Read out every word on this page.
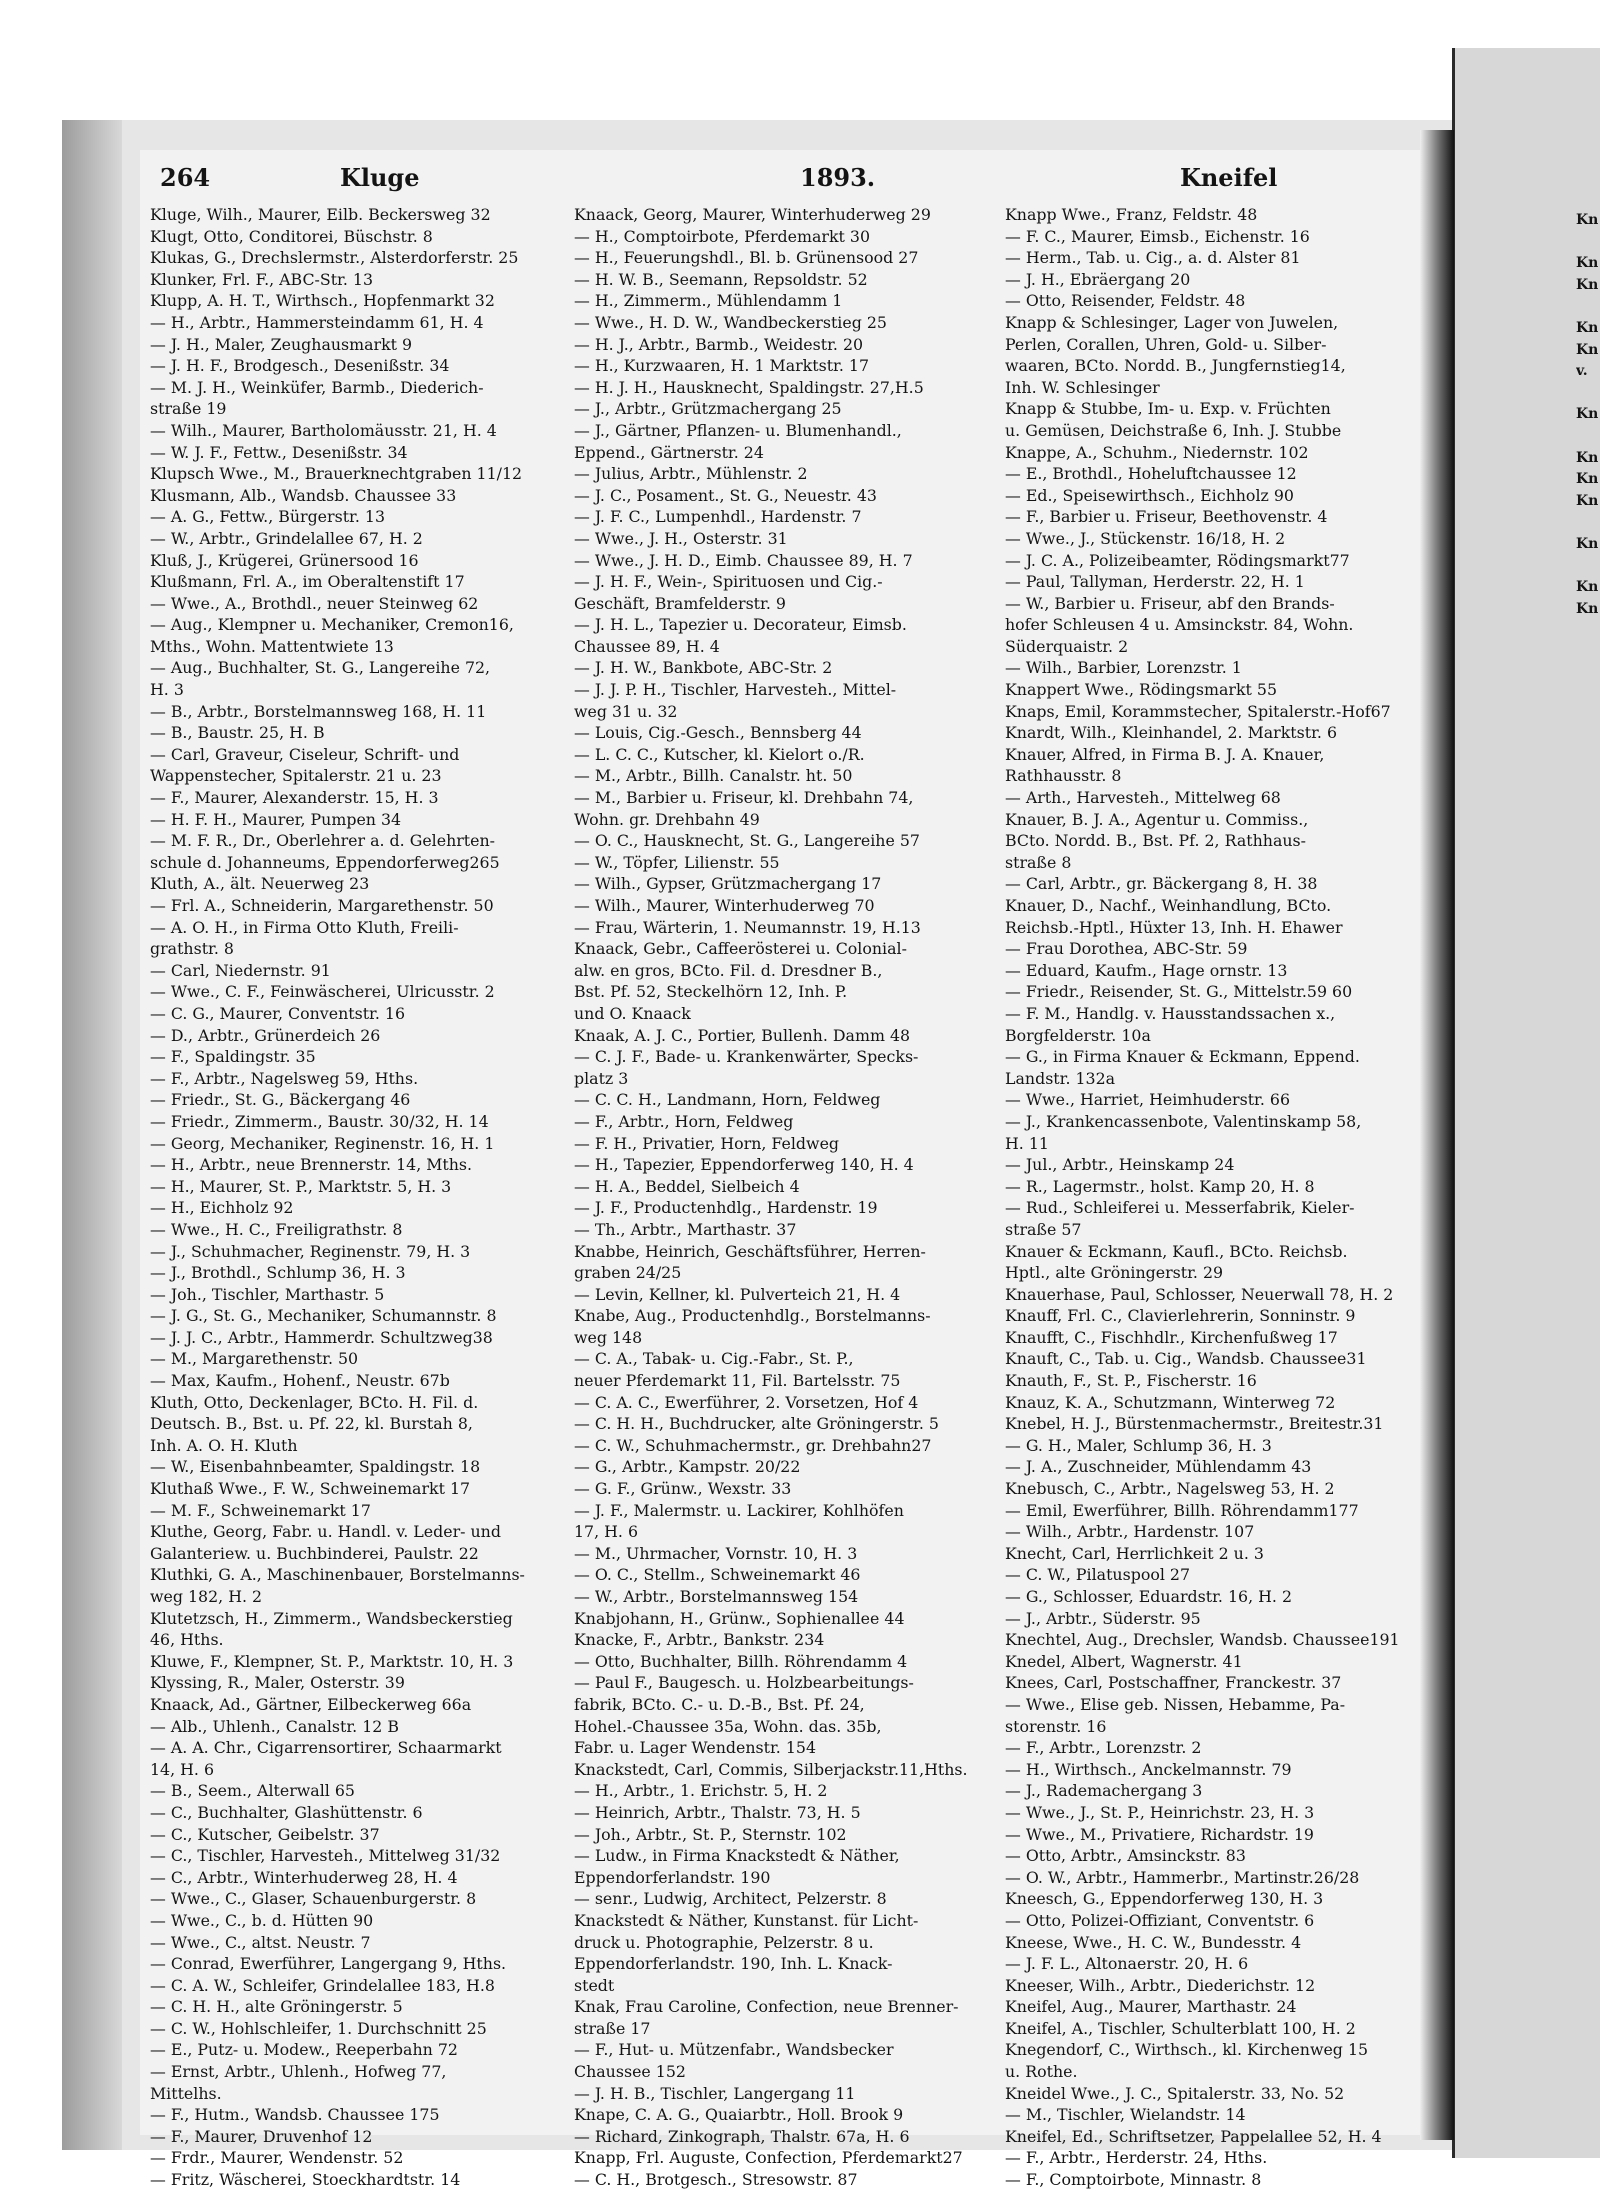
264	Kluge	1893.	Kneifel
Kluge, Wilh., Maurer, Eilb. Beckersweg 32
Klugt, Otto, Conditorei, Büschstr. 8
Klukas, G., Drechslermstr., Alsterdorferstr. 25
Klunker, Frl. F., ABC-Str. 13
Klupp, A. H. T., Wirthsch., Hopfenmarkt 32
— H., Arbtr., Hammersteindamm 61, H. 4
— J. H., Maler, Zeughausmarkt 9
— J. H. F., Brodgesch., Desenißstr. 34
— M. J. H., Weinküfer, Barmb., Diederich-
straße 19
— Wilh., Maurer, Bartholomäusstr. 21, H. 4
— W. J. F., Fettw., Desenißstr. 34
Klupsch Wwe., M., Brauerknechtgraben 11/12
Klusmann, Alb., Wandsb. Chaussee 33
— A. G., Fettw., Bürgerstr. 13
— W., Arbtr., Grindelallee 67, H. 2
Kluß, J., Krügerei, Grünersood 16
Klußmann, Frl. A., im Oberaltenstift 17
— Wwe., A., Brothdl., neuer Steinweg 62
— Aug., Klempner u. Mechaniker, Cremon16,
Mths., Wohn. Mattentwiete 13
— Aug., Buchhalter, St. G., Langereihe 72,
H. 3
— B., Arbtr., Borstelmannsweg 168, H. 11
— B., Baustr. 25, H. B
— Carl, Graveur, Ciseleur, Schrift- und
Wappenstecher, Spitalerstr. 21 u. 23
— F., Maurer, Alexanderstr. 15, H. 3
— H. F. H., Maurer, Pumpen 34
— M. F. R., Dr., Oberlehrer a. d. Gelehrten-
schule d. Johanneums, Eppendorferweg265
Kluth, A., ält. Neuerweg 23
— Frl. A., Schneiderin, Margarethenstr. 50
— A. O. H., in Firma Otto Kluth, Freili-
grathstr. 8
— Carl, Niedernstr. 91
— Wwe., C. F., Feinwäscherei, Ulricusstr. 2
— C. G., Maurer, Conventstr. 16
— D., Arbtr., Grünerdeich 26
— F., Spaldingstr. 35
— F., Arbtr., Nagelsweg 59, Hths.
— Friedr., St. G., Bäckergang 46
— Friedr., Zimmerm., Baustr. 30/32, H. 14
— Georg, Mechaniker, Reginenstr. 16, H. 1
— H., Arbtr., neue Brennerstr. 14, Mths.
— H., Maurer, St. P., Marktstr. 5, H. 3
— H., Eichholz 92
— Wwe., H. C., Freiligrathstr. 8
— J., Schuhmacher, Reginenstr. 79, H. 3
— J., Brothdl., Schlump 36, H. 3
— Joh., Tischler, Marthastr. 5
— J. G., St. G., Mechaniker, Schumannstr. 8
— J. J. C., Arbtr., Hammerdr. Schultzweg38
— M., Margarethenstr. 50
— Max, Kaufm., Hohenf., Neustr. 67b
Kluth, Otto, Deckenlager, BCto. H. Fil. d.
Deutsch. B., Bst. u. Pf. 22, kl. Burstah 8,
Inh. A. O. H. Kluth
— W., Eisenbahnbeamter, Spaldingstr. 18
Kluthaß Wwe., F. W., Schweinemarkt 17
— M. F., Schweinemarkt 17
Kluthe, Georg, Fabr. u. Handl. v. Leder- und
Galanteriew. u. Buchbinderei, Paulstr. 22
Kluthki, G. A., Maschinenbauer, Borstelmanns-
weg 182, H. 2
Klutetzsch, H., Zimmerm., Wandsbeckerstieg
46, Hths.
Kluwe, F., Klempner, St. P., Marktstr. 10, H. 3
Klyssing, R., Maler, Osterstr. 39
Knaack, Ad., Gärtner, Eilbeckerweg 66a
— Alb., Uhlenh., Canalstr. 12 B
— A. A. Chr., Cigarrensortirer, Schaarmarkt
14, H. 6
— B., Seem., Alterwall 65
— C., Buchhalter, Glashüttenstr. 6
— C., Kutscher, Geibelstr. 37
— C., Tischler, Harvesteh., Mittelweg 31/32
— C., Arbtr., Winterhuderweg 28, H. 4
— Wwe., C., Glaser, Schauenburgerstr. 8
— Wwe., C., b. d. Hütten 90
— Wwe., C., altst. Neustr. 7
— Conrad, Ewerführer, Langergang 9, Hths.
— C. A. W., Schleifer, Grindelallee 183, H.8
— C. H. H., alte Gröningerstr. 5
— C. W., Hohlschleifer, 1. Durchschnitt 25
— E., Putz- u. Modew., Reeperbahn 72
— Ernst, Arbtr., Uhlenh., Hofweg 77,
Mittelhs.
— F., Hutm., Wandsb. Chaussee 175
— F., Maurer, Druvenhof 12
— Frdr., Maurer, Wendenstr. 52
— Fritz, Wäscherei, Stoeckhardtstr. 14
Knaack, Georg, Maurer, Winterhuderweg 29
— H., Comptoirbote, Pferdemarkt 30
— H., Feuerungshdl., Bl. b. Grünensood 27
— H. W. B., Seemann, Repsoldstr. 52
— H., Zimmerm., Mühlendamm 1
— Wwe., H. D. W., Wandbeckerstieg 25
— H. J., Arbtr., Barmb., Weidestr. 20
— H., Kurzwaaren, H. 1 Marktstr. 17
— H. J. H., Hausknecht, Spaldingstr. 27,H.5
— J., Arbtr., Grützmachergang 25
— J., Gärtner, Pflanzen- u. Blumenhandl.,
Eppend., Gärtnerstr. 24
— Julius, Arbtr., Mühlenstr. 2
— J. C., Posament., St. G., Neuestr. 43
— J. F. C., Lumpenhdl., Hardenstr. 7
— Wwe., J. H., Osterstr. 31
— Wwe., J. H. D., Eimb. Chaussee 89, H. 7
— J. H. F., Wein-, Spirituosen und Cig.-
Geschäft, Bramfelderstr. 9
— J. H. L., Tapezier u. Decorateur, Eimsb.
Chaussee 89, H. 4
— J. H. W., Bankbote, ABC-Str. 2
— J. J. P. H., Tischler, Harvesteh., Mittel-
weg 31 u. 32
— Louis, Cig.-Gesch., Bennsberg 44
— L. C. C., Kutscher, kl. Kielort o./R.
— M., Arbtr., Billh. Canalstr. ht. 50
— M., Barbier u. Friseur, kl. Drehbahn 74,
Wohn. gr. Drehbahn 49
— O. C., Hausknecht, St. G., Langereihe 57
— W., Töpfer, Lilienstr. 55
— Wilh., Gypser, Grützmachergang 17
— Wilh., Maurer, Winterhuderweg 70
— Frau, Wärterin, 1. Neumannstr. 19, H.13
Knaack, Gebr., Caffeerösterei u. Colonial-
alw. en gros, BCto. Fil. d. Dresdner B.,
Bst. Pf. 52, Steckelhörn 12, Inh. P.
und O. Knaack
Knaak, A. J. C., Portier, Bullenh. Damm 48
— C. J. F., Bade- u. Krankenwärter, Specks-
platz 3
— C. C. H., Landmann, Horn, Feldweg
— F., Arbtr., Horn, Feldweg
— F. H., Privatier, Horn, Feldweg
— H., Tapezier, Eppendorferweg 140, H. 4
— H. A., Beddel, Sielbeich 4
— J. F., Productenhdlg., Hardenstr. 19
— Th., Arbtr., Marthastr. 37
Knabbe, Heinrich, Geschäftsführer, Herren-
graben 24/25
— Levin, Kellner, kl. Pulverteich 21, H. 4
Knabe, Aug., Productenhdlg., Borstelmanns-
weg 148
— C. A., Tabak- u. Cig.-Fabr., St. P.,
neuer Pferdemarkt 11, Fil. Bartelsstr. 75
— C. A. C., Ewerführer, 2. Vorsetzen, Hof 4
— C. H. H., Buchdrucker, alte Gröningerstr. 5
— C. W., Schuhmachermstr., gr. Drehbahn27
— G., Arbtr., Kampstr. 20/22
— G. F., Grünw., Wexstr. 33
— J. F., Malermstr. u. Lackirer, Kohlhöfen
17, H. 6
— M., Uhrmacher, Vornstr. 10, H. 3
— O. C., Stellm., Schweinemarkt 46
— W., Arbtr., Borstelmannsweg 154
Knabjohann, H., Grünw., Sophienallee 44
Knacke, F., Arbtr., Bankstr. 234
— Otto, Buchhalter, Billh. Röhrendamm 4
— Paul F., Baugesch. u. Holzbearbeitungs-
fabrik, BCto. C.- u. D.-B., Bst. Pf. 24,
Hohel.-Chaussee 35a, Wohn. das. 35b,
Fabr. u. Lager Wendenstr. 154
Knackstedt, Carl, Commis, Silberjackstr.11,Hths.
— H., Arbtr., 1. Erichstr. 5, H. 2
— Heinrich, Arbtr., Thalstr. 73, H. 5
— Joh., Arbtr., St. P., Sternstr. 102
— Ludw., in Firma Knackstedt & Näther,
Eppendorferlandstr. 190
— senr., Ludwig, Architect, Pelzerstr. 8
Knackstedt & Näther, Kunstanst. für Licht-
druck u. Photographie, Pelzerstr. 8 u.
Eppendorferlandstr. 190, Inh. L. Knack-
stedt
Knak, Frau Caroline, Confection, neue Brenner-
straße 17
— F., Hut- u. Mützenfabr., Wandsbecker
Chaussee 152
— J. H. B., Tischler, Langergang 11
Knape, C. A. G., Quaiarbtr., Holl. Brook 9
— Richard, Zinkograph, Thalstr. 67a, H. 6
Knapp, Frl. Auguste, Confection, Pferdemarkt27
— C. H., Brotgesch., Stresowstr. 87
Knapp Wwe., Franz, Feldstr. 48
— F. C., Maurer, Eimsb., Eichenstr. 16
— Herm., Tab. u. Cig., a. d. Alster 81
— J. H., Ebräergang 20
— Otto, Reisender, Feldstr. 48
Knapp & Schlesinger, Lager von Juwelen,
Perlen, Corallen, Uhren, Gold- u. Silber-
waaren, BCto. Nordd. B., Jungfernstieg14,
Inh. W. Schlesinger
Knapp & Stubbe, Im- u. Exp. v. Früchten
u. Gemüsen, Deichstraße 6, Inh. J. Stubbe
Knappe, A., Schuhm., Niedernstr. 102
— E., Brothdl., Hoheluftchaussee 12
— Ed., Speisewirthsch., Eichholz 90
— F., Barbier u. Friseur, Beethovenstr. 4
— Wwe., J., Stückenstr. 16/18, H. 2
— J. C. A., Polizeibeamter, Rödingsmarkt77
— Paul, Tallyman, Herderstr. 22, H. 1
— W., Barbier u. Friseur, abf den Brands-
hofer Schleusen 4 u. Amsinckstr. 84, Wohn.
Süderquaistr. 2
— Wilh., Barbier, Lorenzstr. 1
Knappert Wwe., Rödingsmarkt 55
Knaps, Emil, Korammstecher, Spitalerstr.-Hof67
Knardt, Wilh., Kleinhandel, 2. Marktstr. 6
Knauer, Alfred, in Firma B. J. A. Knauer,
Rathhausstr. 8
— Arth., Harvesteh., Mittelweg 68
Knauer, B. J. A., Agentur u. Commiss.,
BCto. Nordd. B., Bst. Pf. 2, Rathhaus-
straße 8
— Carl, Arbtr., gr. Bäckergang 8, H. 38
Knauer, D., Nachf., Weinhandlung, BCto.
Reichsb.-Hptl., Hüxter 13, Inh. H. Ehawer
— Frau Dorothea, ABC-Str. 59
— Eduard, Kaufm., Hage ornstr. 13
— Friedr., Reisender, St. G., Mittelstr.59 60
— F. M., Handlg. v. Hausstandssachen x.,
Borgfelderstr. 10a
— G., in Firma Knauer & Eckmann, Eppend.
Landstr. 132a
— Wwe., Harriet, Heimhuderstr. 66
— J., Krankencassenbote, Valentinskamp 58,
H. 11
— Jul., Arbtr., Heinskamp 24
— R., Lagermstr., holst. Kamp 20, H. 8
— Rud., Schleiferei u. Messerfabrik, Kieler-
straße 57
Knauer & Eckmann, Kaufl., BCto. Reichsb.
Hptl., alte Gröningerstr. 29
Knauerhase, Paul, Schlosser, Neuerwall 78, H. 2
Knauff, Frl. C., Clavierlehrerin, Sonninstr. 9
Knaufft, C., Fischhdlr., Kirchenfußweg 17
Knauft, C., Tab. u. Cig., Wandsb. Chaussee31
Knauth, F., St. P., Fischerstr. 16
Knauz, K. A., Schutzmann, Winterweg 72
Knebel, H. J., Bürstenmachermstr., Breitestr.31
— G. H., Maler, Schlump 36, H. 3
— J. A., Zuschneider, Mühlendamm 43
Knebusch, C., Arbtr., Nagelsweg 53, H. 2
— Emil, Ewerführer, Billh. Röhrendamm177
— Wilh., Arbtr., Hardenstr. 107
Knecht, Carl, Herrlichkeit 2 u. 3
— C. W., Pilatuspool 27
— G., Schlosser, Eduardstr. 16, H. 2
— J., Arbtr., Süderstr. 95
Knechtel, Aug., Drechsler, Wandsb. Chaussee191
Knedel, Albert, Wagnerstr. 41
Knees, Carl, Postschaffner, Franckestr. 37
— Wwe., Elise geb. Nissen, Hebamme, Pa-
storenstr. 16
— F., Arbtr., Lorenzstr. 2
— H., Wirthsch., Anckelmannstr. 79
— J., Rademachergang 3
— Wwe., J., St. P., Heinrichstr. 23, H. 3
— Wwe., M., Privatiere, Richardstr. 19
— Otto, Arbtr., Amsinckstr. 83
— O. W., Arbtr., Hammerbr., Martinstr.26/28
Kneesch, G., Eppendorferweg 130, H. 3
— Otto, Polizei-Offiziant, Conventstr. 6
Kneese, Wwe., H. C. W., Bundesstr. 4
— J. F. L., Altonaerstr. 20, H. 6
Kneeser, Wilh., Arbtr., Diederichstr. 12
Kneifel, Aug., Maurer, Marthastr. 24
Kneifel, A., Tischler, Schulterblatt 100, H. 2
Knegendorf, C., Wirthsch., kl. Kirchenweg 15
u. Rothe.
Kneidel Wwe., J. C., Spitalerstr. 33, No. 52
— M., Tischler, Wielandstr. 14
Kneifel, Ed., Schriftsetzer, Pappelallee 52, H. 4
— F., Arbtr., Herderstr. 24, Hths.
— F., Comptoirbote, Minnastr. 8
Kn
Kn
Kn
Kn
Kn
v.
Kn
Kn
Kn
Kn
Kn
Kn
Kn
